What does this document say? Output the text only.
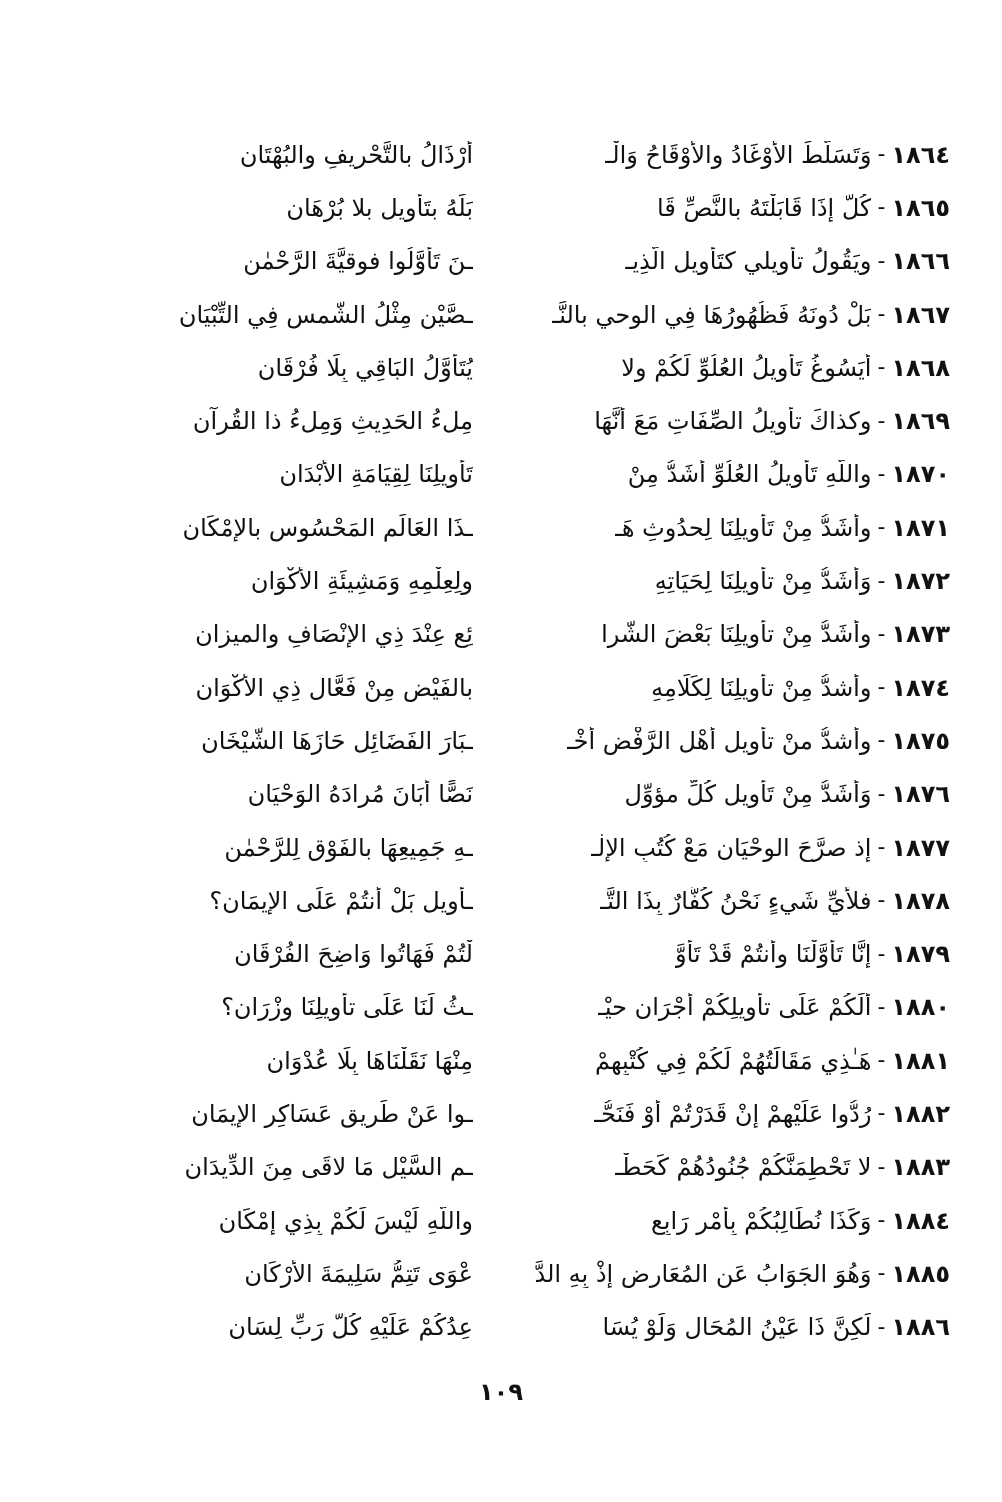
١٨٦٤
-
وَتَسَلَّطَ الأوْغَادُ والأوْقَاحُ وَالْـ
أرْذَالُ بالتَّحْريفِ والبُهْتَانِ
١٨٦٥
-
كُلٌّ إذَا قَابَلْتَهُ بالنَّصِّ قَا
بَلَهُ بتَأْويلٍ بلا بُرْهَانِ
١٨٦٦
-
ويَقُولُ تأويلي كتَأْويلِ الَّذِيـ
ـنَ تَأَوَّلُوا فوقيَّةَ الرَّحْمٰنِ
١٨٦٧
-
بَلْ دُونَهُ فَظُهُورُهَا فِي الوحي بالنَّـ
ـصَّيْنِ مِثْلُ الشَّمسِ فِي التِّبْيَانِ
١٨٦٨
-
أيَسُوغُ تَأْويلُ العُلُوِّ لَكُمْ ولا
يُتَأَوَّلُ البَاقِي بِلَا فُرْقَانِ
١٨٦٩
-
وكذاكَ تأويلُ الصِّفَاتِ مَعَ أنَّهَا
مِلءُ الحَدِيثِ وَمِلءُ ذا القُرآنِ
١٨٧٠
-
واللّهِ تَأْويلُ العُلُوِّ أَشَدُّ مِنْ
تَأْوِيلِنَا لِقِيَامَةِ الأبْدَانِ
١٨٧١
-
وأشَدُّ مِنْ تَأْوِيلِنَا لِحدُوثِ هَـ
ـذَا العَالَمِ المَحْسُوسِ بالإمْكَانِ
١٨٧٢
-
وَأَشَدُّ مِنْ تأويلِنَا لِحَيَاتِهِ
ولِعِلْمِهِ وَمَشِيئَةِ الأكْوَانِ
١٨٧٣
-
وأَشَدُّ مِنْ تأويلِنَا بَعْضَ الشَّرا
ئِعِ عِنْدَ ذِي الإنْصَافِ والميزانِ
١٨٧٤
-
وأشدُّ مِنْ تأويلِنَا لِكَلَامِهِ
بالفَيْضِ مِنْ فَعَّالِ ذِي الأكْوَانِ
١٨٧٥
-
وأشدُّ منْ تأويلِ أهْلِ الرَّفْضِ أخْـ
ـبَارَ الفَضَائِلِ حَازَهَا الشَّيْخَانِ
١٨٧٦
-
وَأَشَدُّ مِنْ تَأْوِيلِ كُلِّ مؤوِّلٍ
نَصًّا أبَانَ مُرادَهُ الوَحْيَانِ
١٨٧٧
-
إذ صرَّحَ الوحْيَانِ مَعْ كُتُبِ الإلٰـ
ـهِ جَمِيعِهَا بالفَوْقِ لِلرَّحْمٰنِ
١٨٧٨
-
فلأيِّ شَيءٍ نَحْنُ كُفَّارٌ بِذَا التَّـ
ـأويلِ بَلْ أنتُمْ عَلَى الإيمَانِ؟
١٨٧٩
-
إنَّا تَأَوَّلْنَا وأنتُمْ قَدْ تَأَوَّ
لْتُمْ فَهَاتُوا وَاضِحَ الفُرْقَانِ
١٨٨٠
-
ألَكُمْ عَلَى تأويلِكُمْ أجْرَانِ حيْـ
ـثُ لَنَا عَلَى تأويلِنَا وِزْرَانِ؟
١٨٨١
-
هَـٰذِي مَقَالَتُهُمْ لَكُمْ فِي كُتْبِهِمْ
مِنْهَا نَقَلْنَاهَا بِلَا عُدْوَانِ
١٨٨٢
-
رُدُّوا عَلَيْهِمْ إنْ قَدَرْتُمْ أوْ فَنَحُّـ
ـوا عَنْ طَرِيقِ عَسَاكِرِ الإيمَانِ
١٨٨٣
-
لا تَحْطِمَنَّكُمْ جُنُودُهُمْ كَحَطْـ
ـمِ السَّيْلِ مَا لاقَى مِنَ الدِّيدَانِ
١٨٨٤
-
وَكَذَا نُطَالِبُكُمْ بِأَمْرٍ رَابِعٍ
واللّهِ لَيْسَ لَكُمْ بِذِي إمْكَانِ
١٨٨٥
-
وَهُوَ الجَوَابُ عَنِ المُعَارِضِ إِذْ بِهِ الدَّ
عْوَى تَتِمُّ سَلِيمَةَ الأرْكَانِ
١٨٨٦
-
لَكِنَّ ذَا عَيْنُ المُحَالِ وَلَوْ يُسَا
عِدُكُمْ عَلَيْهِ كُلُّ رَبِّ لِسَانِ
١٠٩
